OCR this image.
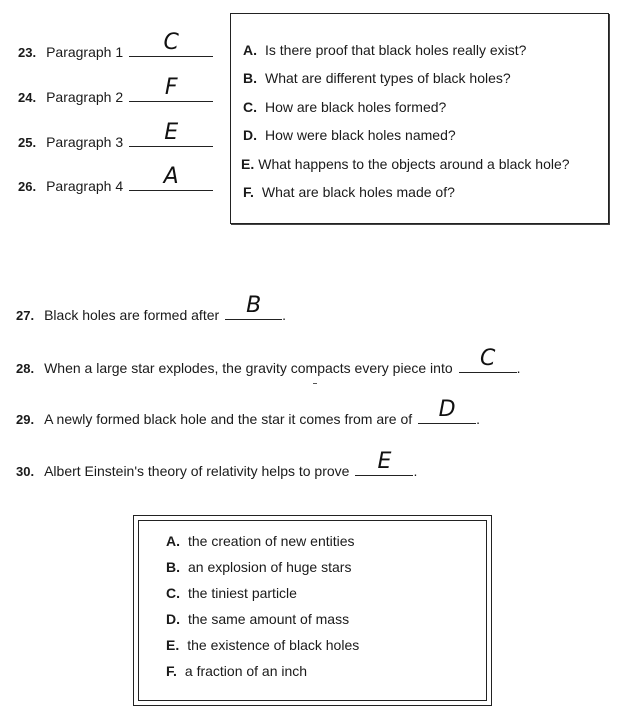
23. Paragraph 1	C
24. Paragraph 2	F
25. Paragraph 3	E
26. Paragraph 4	A
A. Is there proof that black holes really exist?
B. What are different types of black holes?
C. How are black holes formed?
D. How were black holes named?
E. What happens to the objects around a black hole?
F. What are black holes made of?
27. Black holes are formed after	B	.
28. When a large star explodes, the gravity compacts every piece into	C	.
29. A newly formed black hole and the star it comes from are of	D	.
30. Albert Einstein's theory of relativity helps to prove	E	.
A. the creation of new entities
B. an explosion of huge stars
C. the tiniest particle
D. the same amount of mass
E. the existence of black holes
F. a fraction of an inch
